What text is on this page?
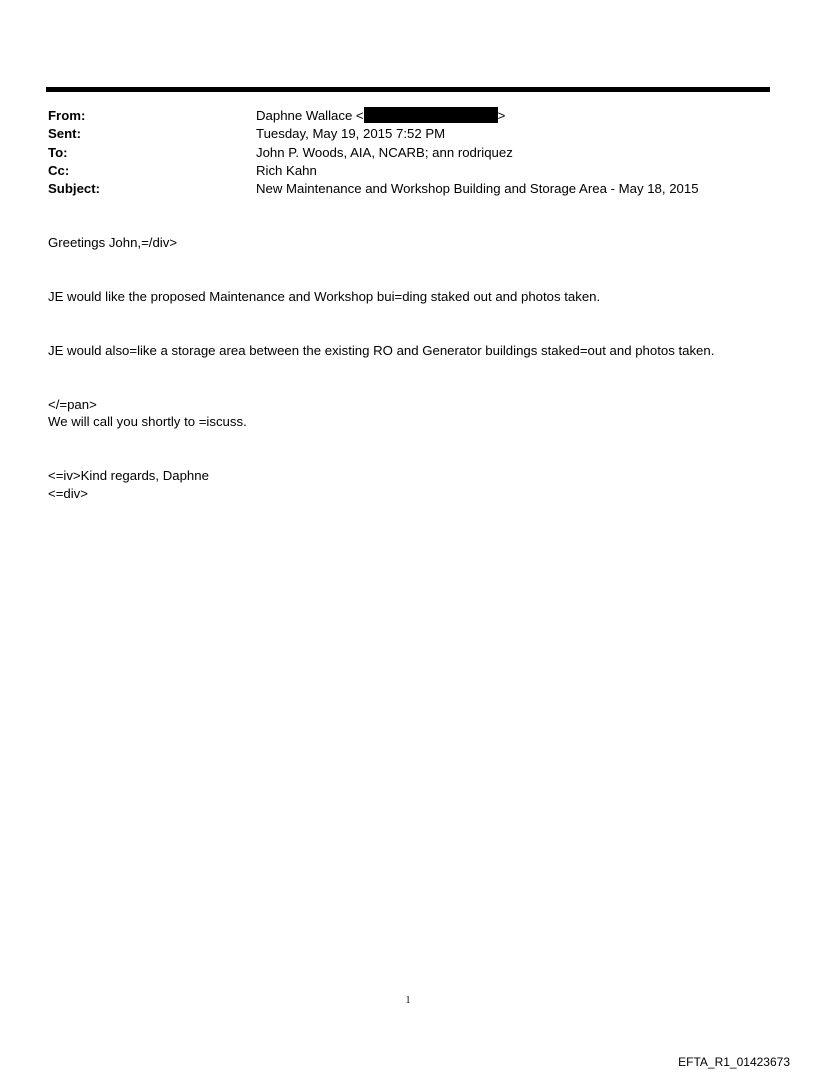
From:	Daphne Wallace <	>
Sent:	Tuesday, May 19, 2015 7:52 PM
To:	John P. Woods, AIA, NCARB; ann rodriquez
Cc:	Rich Kahn
Subject:	New Maintenance and Workshop Building and Storage Area - May 18, 2015
Greetings John,=/div>
JE would like the proposed Maintenance and Workshop bui=ding staked out and photos taken.
JE would also=like a storage area between the existing RO and Generator buildings staked=out and photos taken.
</=pan>
We will call you shortly to =iscuss.
<=iv>Kind regards, Daphne
<=div>
1
EFTA_R1_01423673
